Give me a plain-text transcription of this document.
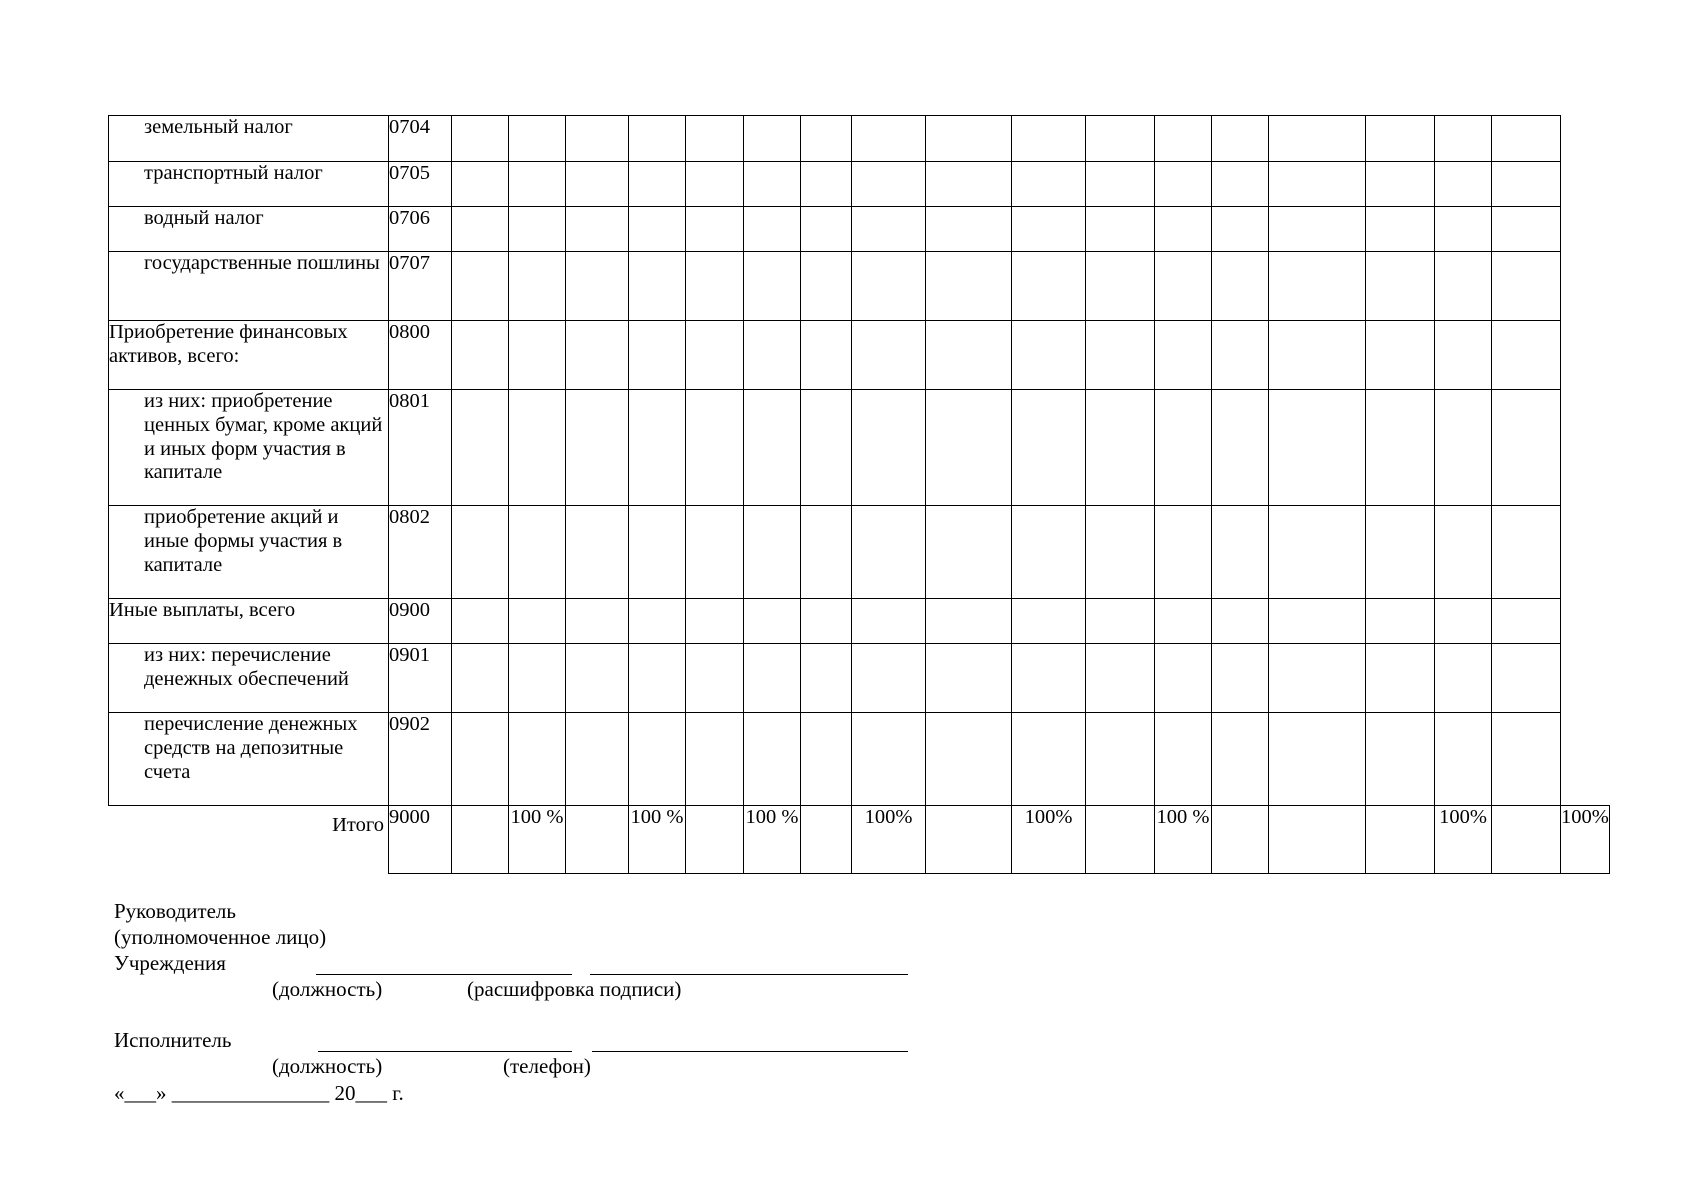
земельный налог	0704																		
транспортный налог	0705																		
водный налог	0706																		
государственные пошлины	0707																		
Приобретение финансовых активов, всего:	0800																		
из них: приобретение ценных бумаг, кроме акций и иных форм участия в капитале	0801																		
приобретение акций и иные формы участия в капитале	0802																		
Иные выплаты, всего	0900																		
из них: перечисление денежных обеспечений	0901																		
перечисление денежных средств на депозитные счета	0902																		
Итого	9000		100 %		100 %		100 %		100%		100%		100 %				100%		100%
Руководитель
(уполномоченное лицо)
Учреждения
(должность)	(расшифровка подписи)
Исполнитель
(должность)	(телефон)
«___» _______________ 20___ г.
